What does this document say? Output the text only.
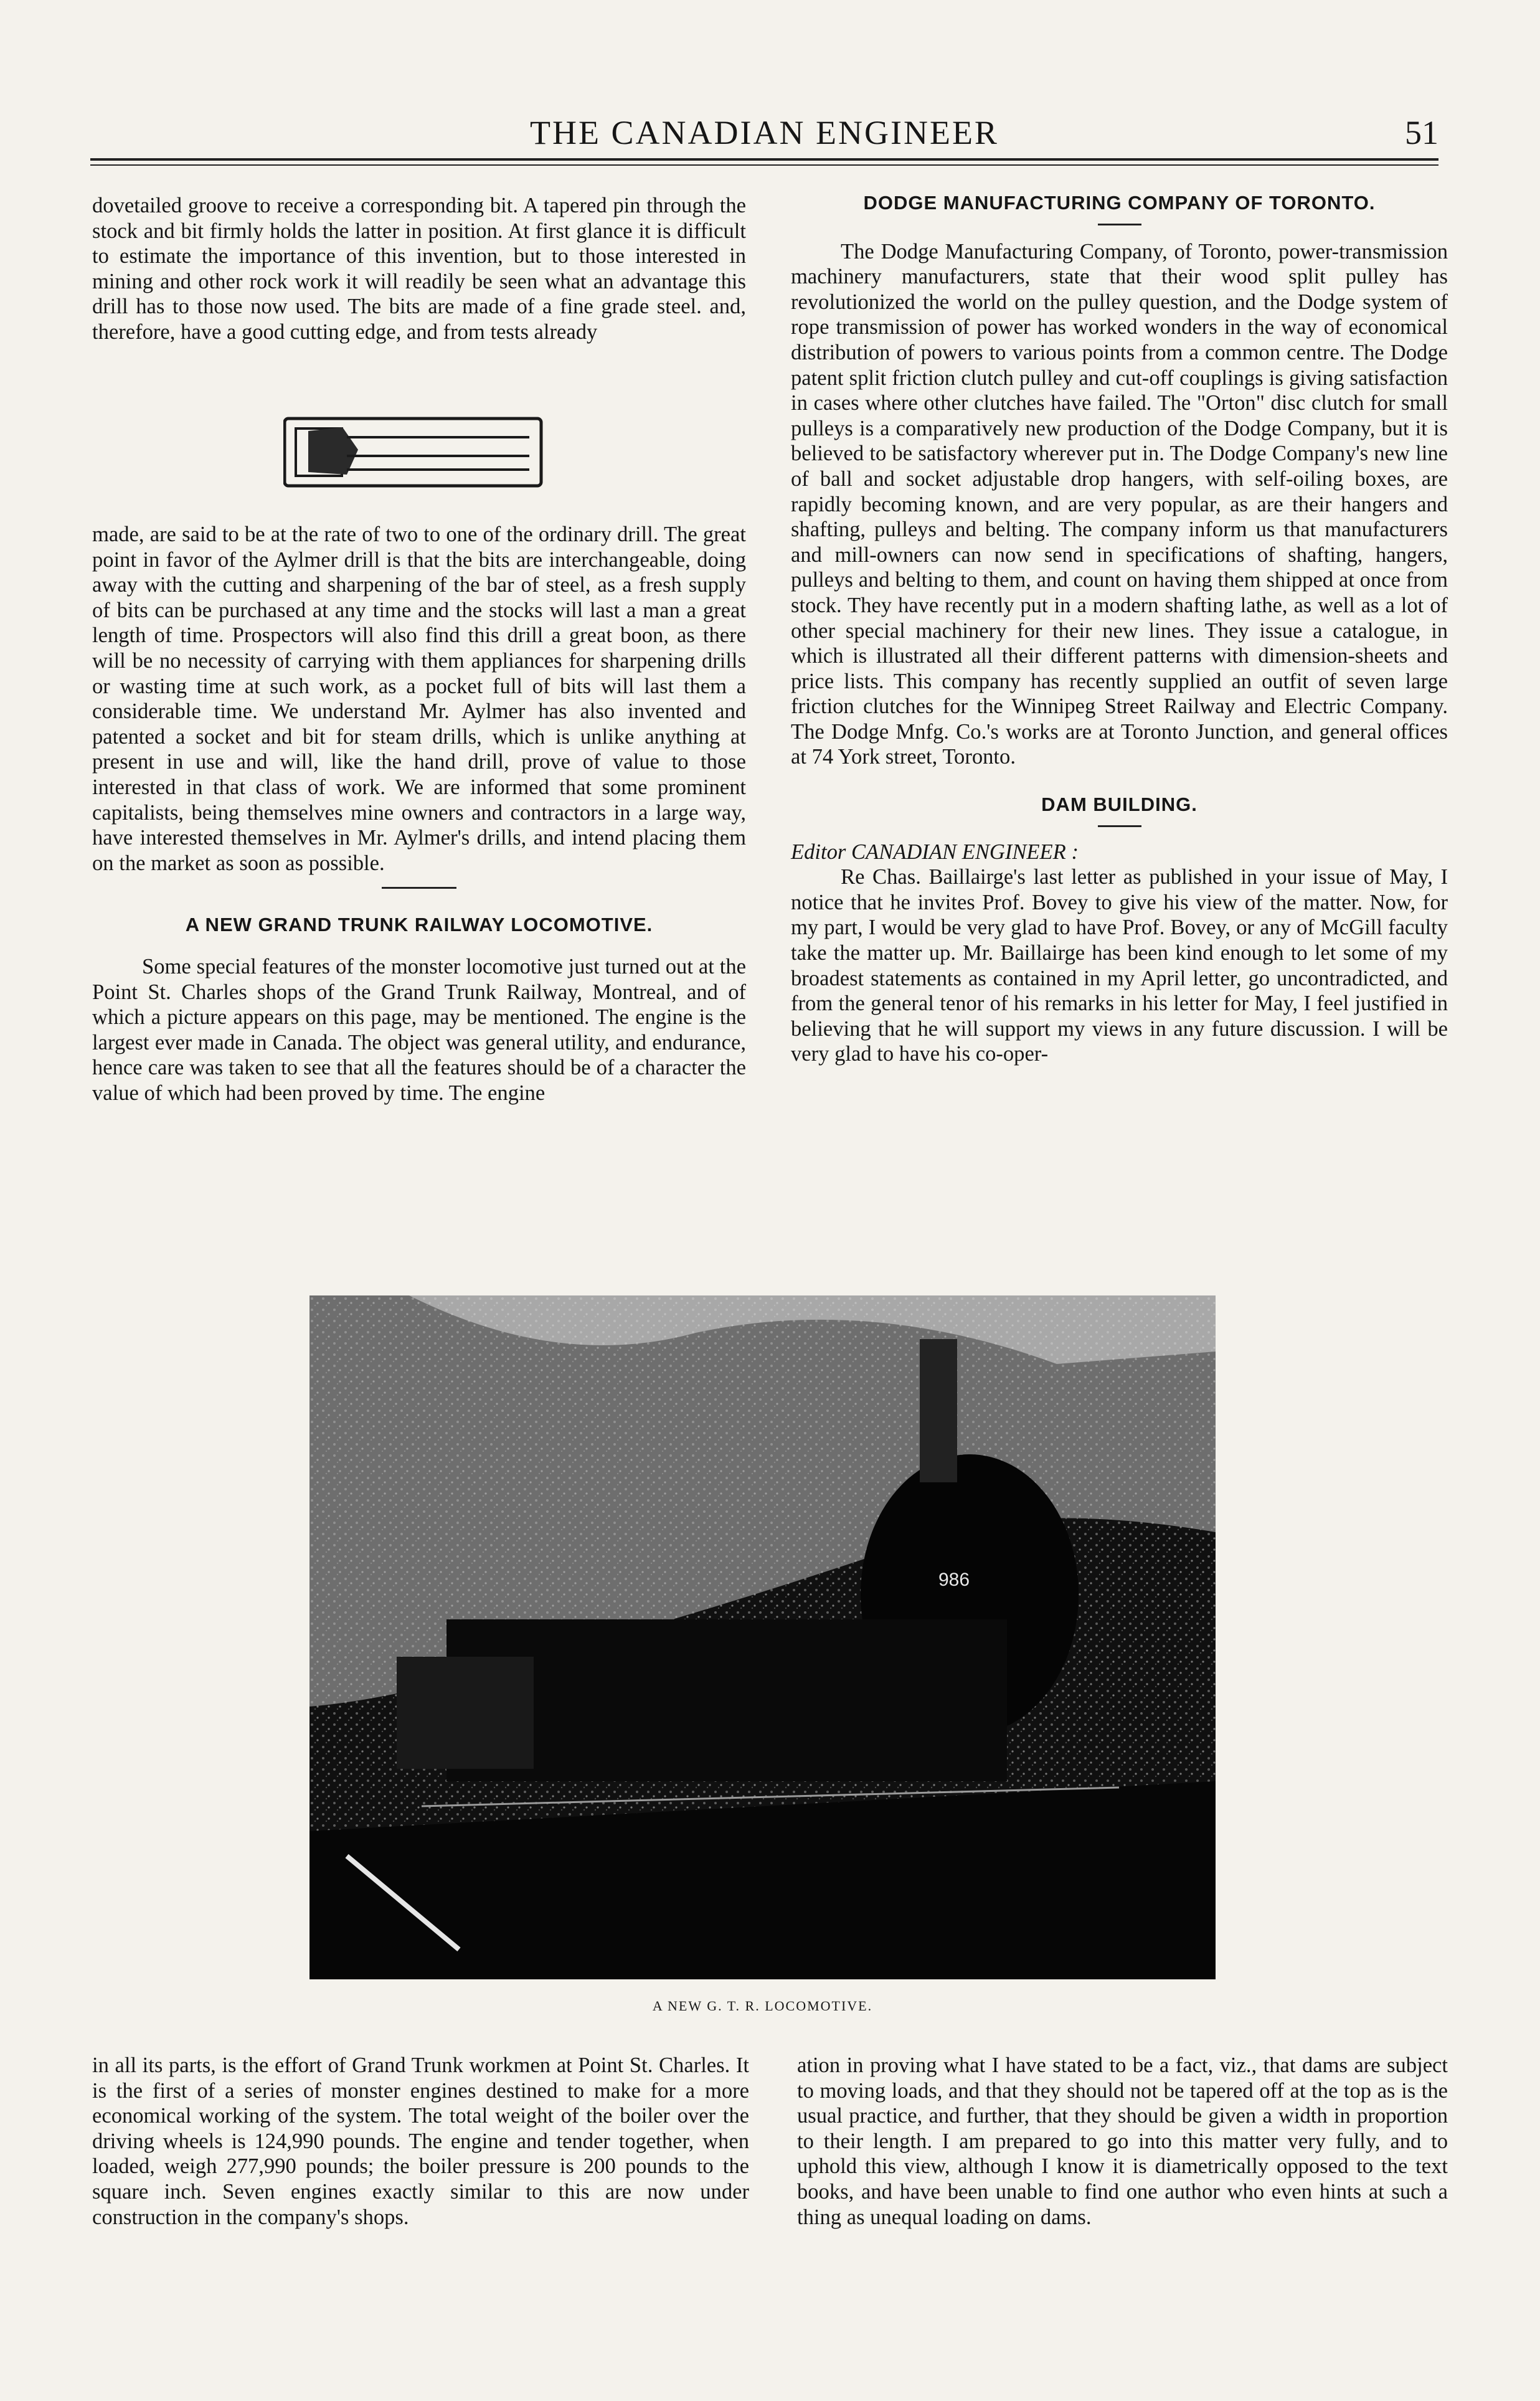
THE CANADIAN ENGINEER	51

dovetailed groove to receive a corresponding bit. A tapered pin through the stock and bit firmly holds the latter in position. At first glance it is difficult to estimate the importance of this invention, but to those interested in mining and other rock work it will readily be seen what an advantage this drill has to those now used. The bits are made of a fine grade steel. and, therefore, have a good cutting edge, and from tests already

made, are said to be at the rate of two to one of the ordinary drill. The great point in favor of the Aylmer drill is that the bits are interchangeable, doing away with the cutting and sharpening of the bar of steel, as a fresh supply of bits can be purchased at any time and the stocks will last a man a great length of time. Prospectors will also find this drill a great boon, as there will be no necessity of carrying with them appliances for sharpening drills or wasting time at such work, as a pocket full of bits will last them a considerable time. We understand Mr. Aylmer has also invented and patented a socket and bit for steam drills, which is unlike anything at present in use and will, like the hand drill, prove of value to those interested in that class of work. We are informed that some prominent capitalists, being themselves mine owners and contractors in a large way, have interested themselves in Mr. Aylmer's drills, and intend placing them on the market as soon as possible.

A NEW GRAND TRUNK RAILWAY LOCOMOTIVE.

Some special features of the monster locomotive just turned out at the Point St. Charles shops of the Grand Trunk Railway, Montreal, and of which a picture appears on this page, may be mentioned. The engine is the largest ever made in Canada. The object was general utility, and endurance, hence care was taken to see that all the features should be of a character the value of which had been proved by time. The engine

DODGE MANUFACTURING COMPANY OF TORONTO.

The Dodge Manufacturing Company, of Toronto, power-transmission machinery manufacturers, state that their wood split pulley has revolutionized the world on the pulley question, and the Dodge system of rope transmission of power has worked wonders in the way of economical distribution of powers to various points from a common centre. The Dodge patent split friction clutch pulley and cut-off couplings is giving satisfaction in cases where other clutches have failed. The "Orton" disc clutch for small pulleys is a comparatively new production of the Dodge Company, but it is believed to be satisfactory wherever put in. The Dodge Company's new line of ball and socket adjustable drop hangers, with self-oiling boxes, are rapidly becoming known, and are very popular, as are their hangers and shafting, pulleys and belting. The company inform us that manufacturers and mill-owners can now send in specifications of shafting, hangers, pulleys and belting to them, and count on having them shipped at once from stock. They have recently put in a modern shafting lathe, as well as a lot of other special machinery for their new lines. They issue a catalogue, in which is illustrated all their different patterns with dimension-sheets and price lists. This company has recently supplied an outfit of seven large friction clutches for the Winnipeg Street Railway and Electric Company. The Dodge Mnfg. Co.'s works are at Toronto Junction, and general offices at 74 York street, Toronto.

DAM BUILDING.

Editor CANADIAN ENGINEER :

Re Chas. Baillairge's last letter as published in your issue of May, I notice that he invites Prof. Bovey to give his view of the matter. Now, for my part, I would be very glad to have Prof. Bovey, or any of McGill faculty take the matter up. Mr. Baillairge has been kind enough to let some of my broadest statements as contained in my April letter, go uncontradicted, and from the general tenor of his remarks in his letter for May, I feel justified in believing that he will support my views in any future discussion. I will be very glad to have his co-oper-

986
A NEW G. T. R. LOCOMOTIVE.

in all its parts, is the effort of Grand Trunk workmen at Point St. Charles. It is the first of a series of monster engines destined to make for a more economical working of the system. The total weight of the boiler over the driving wheels is 124,990 pounds. The engine and tender together, when loaded, weigh 277,990 pounds; the boiler pressure is 200 pounds to the square inch. Seven engines exactly similar to this are now under construction in the company's shops.

ation in proving what I have stated to be a fact, viz., that dams are subject to moving loads, and that they should not be tapered off at the top as is the usual practice, and further, that they should be given a width in proportion to their length. I am prepared to go into this matter very fully, and to uphold this view, although I know it is diametrically opposed to the text books, and have been unable to find one author who even hints at such a thing as unequal loading on dams.
